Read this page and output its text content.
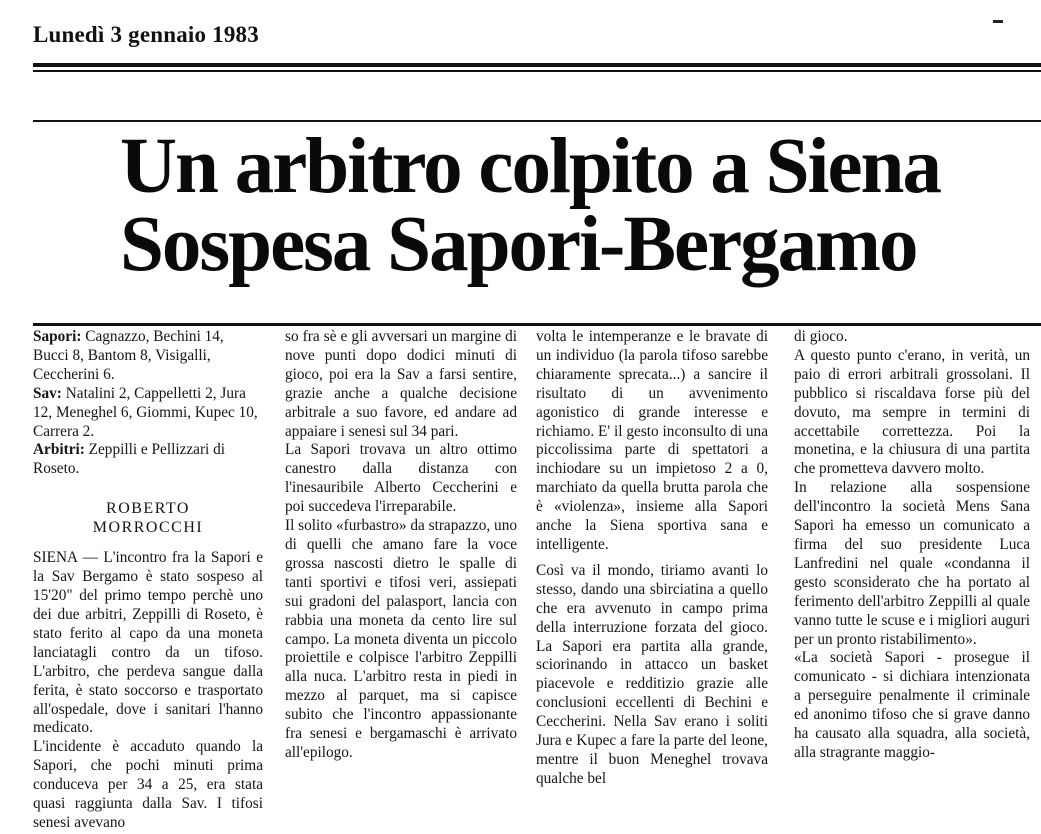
Lunedì 3 gennaio 1983
Un arbitro colpito a Siena
Sospesa Sapori-Bergamo

Sapori: Cagnazzo, Bechini 14, Bucci 8, Bantom 8, Visigalli, Ceccherini 6.

Sav: Natalini 2, Cappelletti 2, Jura 12, Meneghel 6, Giommi, Kupec 10, Carrera 2.

Arbitri: Zeppilli e Pellizzari di Roseto.

ROBERTO
MORROCCHI

SIENA — L'incontro fra la Sapori e la Sav Bergamo è stato sospeso al 15'20" del primo tempo perchè uno dei due arbitri, Zeppilli di Roseto, è stato ferito al capo da una moneta lanciatagli contro da un tifoso. L'arbitro, che perdeva sangue dalla ferita, è stato soccorso e trasportato all'ospedale, dove i sanitari l'hanno medicato.

L'incidente è accaduto quando la Sapori, che pochi minuti prima conduceva per 34 a 25, era stata quasi raggiunta dalla Sav. I tifosi senesi avevano

so fra sè e gli avversari un margine di nove punti dopo dodici minuti di gioco, poi era la Sav a farsi sentire, grazie anche a qualche decisione arbitrale a suo favore, ed andare ad appaiare i senesi sul 34 pari.

La Sapori trovava un altro ottimo canestro dalla distanza con l'inesauribile Alberto Ceccherini e poi succedeva l'irreparabile.

Il solito «furbastro» da strapazzo, uno di quelli che amano fare la voce grossa nascosti dietro le spalle di tanti sportivi e tifosi veri, assiepati sui gradoni del palasport, lancia con rabbia una moneta da cento lire sul campo. La moneta diventa un piccolo proiettile e colpisce l'arbitro Zeppilli alla nuca. L'arbitro resta in piedi in mezzo al parquet, ma si capisce subito che l'incontro appassionante fra senesi e bergamaschi è arrivato all'epilogo.

volta le intemperanze e le bravate di un individuo (la parola tifoso sarebbe chiaramente sprecata...) a sancire il risultato di un avvenimento agonistico di grande interesse e richiamo. E' il gesto inconsulto di una piccolissima parte di spettatori a inchiodare su un impietoso 2 a 0, marchiato da quella brutta parola che è «violenza», insieme alla Sapori anche la Siena sportiva sana e intelligente.

Così va il mondo, tiriamo avanti lo stesso, dando una sbirciatina a quello che era avvenuto in campo prima della interruzione forzata del gioco. La Sapori era partita alla grande, sciorinando in attacco un basket piacevole e redditizio grazie alle conclusioni eccellenti di Bechini e Ceccherini. Nella Sav erano i soliti Jura e Kupec a fare la parte del leone, mentre il buon Meneghel trovava qualche bel

di gioco.

A questo punto c'erano, in verità, un paio di errori arbitrali grossolani. Il pubblico si riscaldava forse più del dovuto, ma sempre in termini di accettabile correttezza. Poi la monetina, e la chiusura di una partita che prometteva davvero molto.

In relazione alla sospensione dell'incontro la società Mens Sana Sapori ha emesso un comunicato a firma del suo presidente Luca Lanfredini nel quale «condanna il gesto sconsiderato che ha portato al ferimento dell'arbitro Zeppilli al quale vanno tutte le scuse e i migliori auguri per un pronto ristabilimento».

«La società Sapori - prosegue il comunicato - si dichiara intenzionata a perseguire penalmente il criminale ed anonimo tifoso che si grave danno ha causato alla squadra, alla società, alla stragrante maggio-
